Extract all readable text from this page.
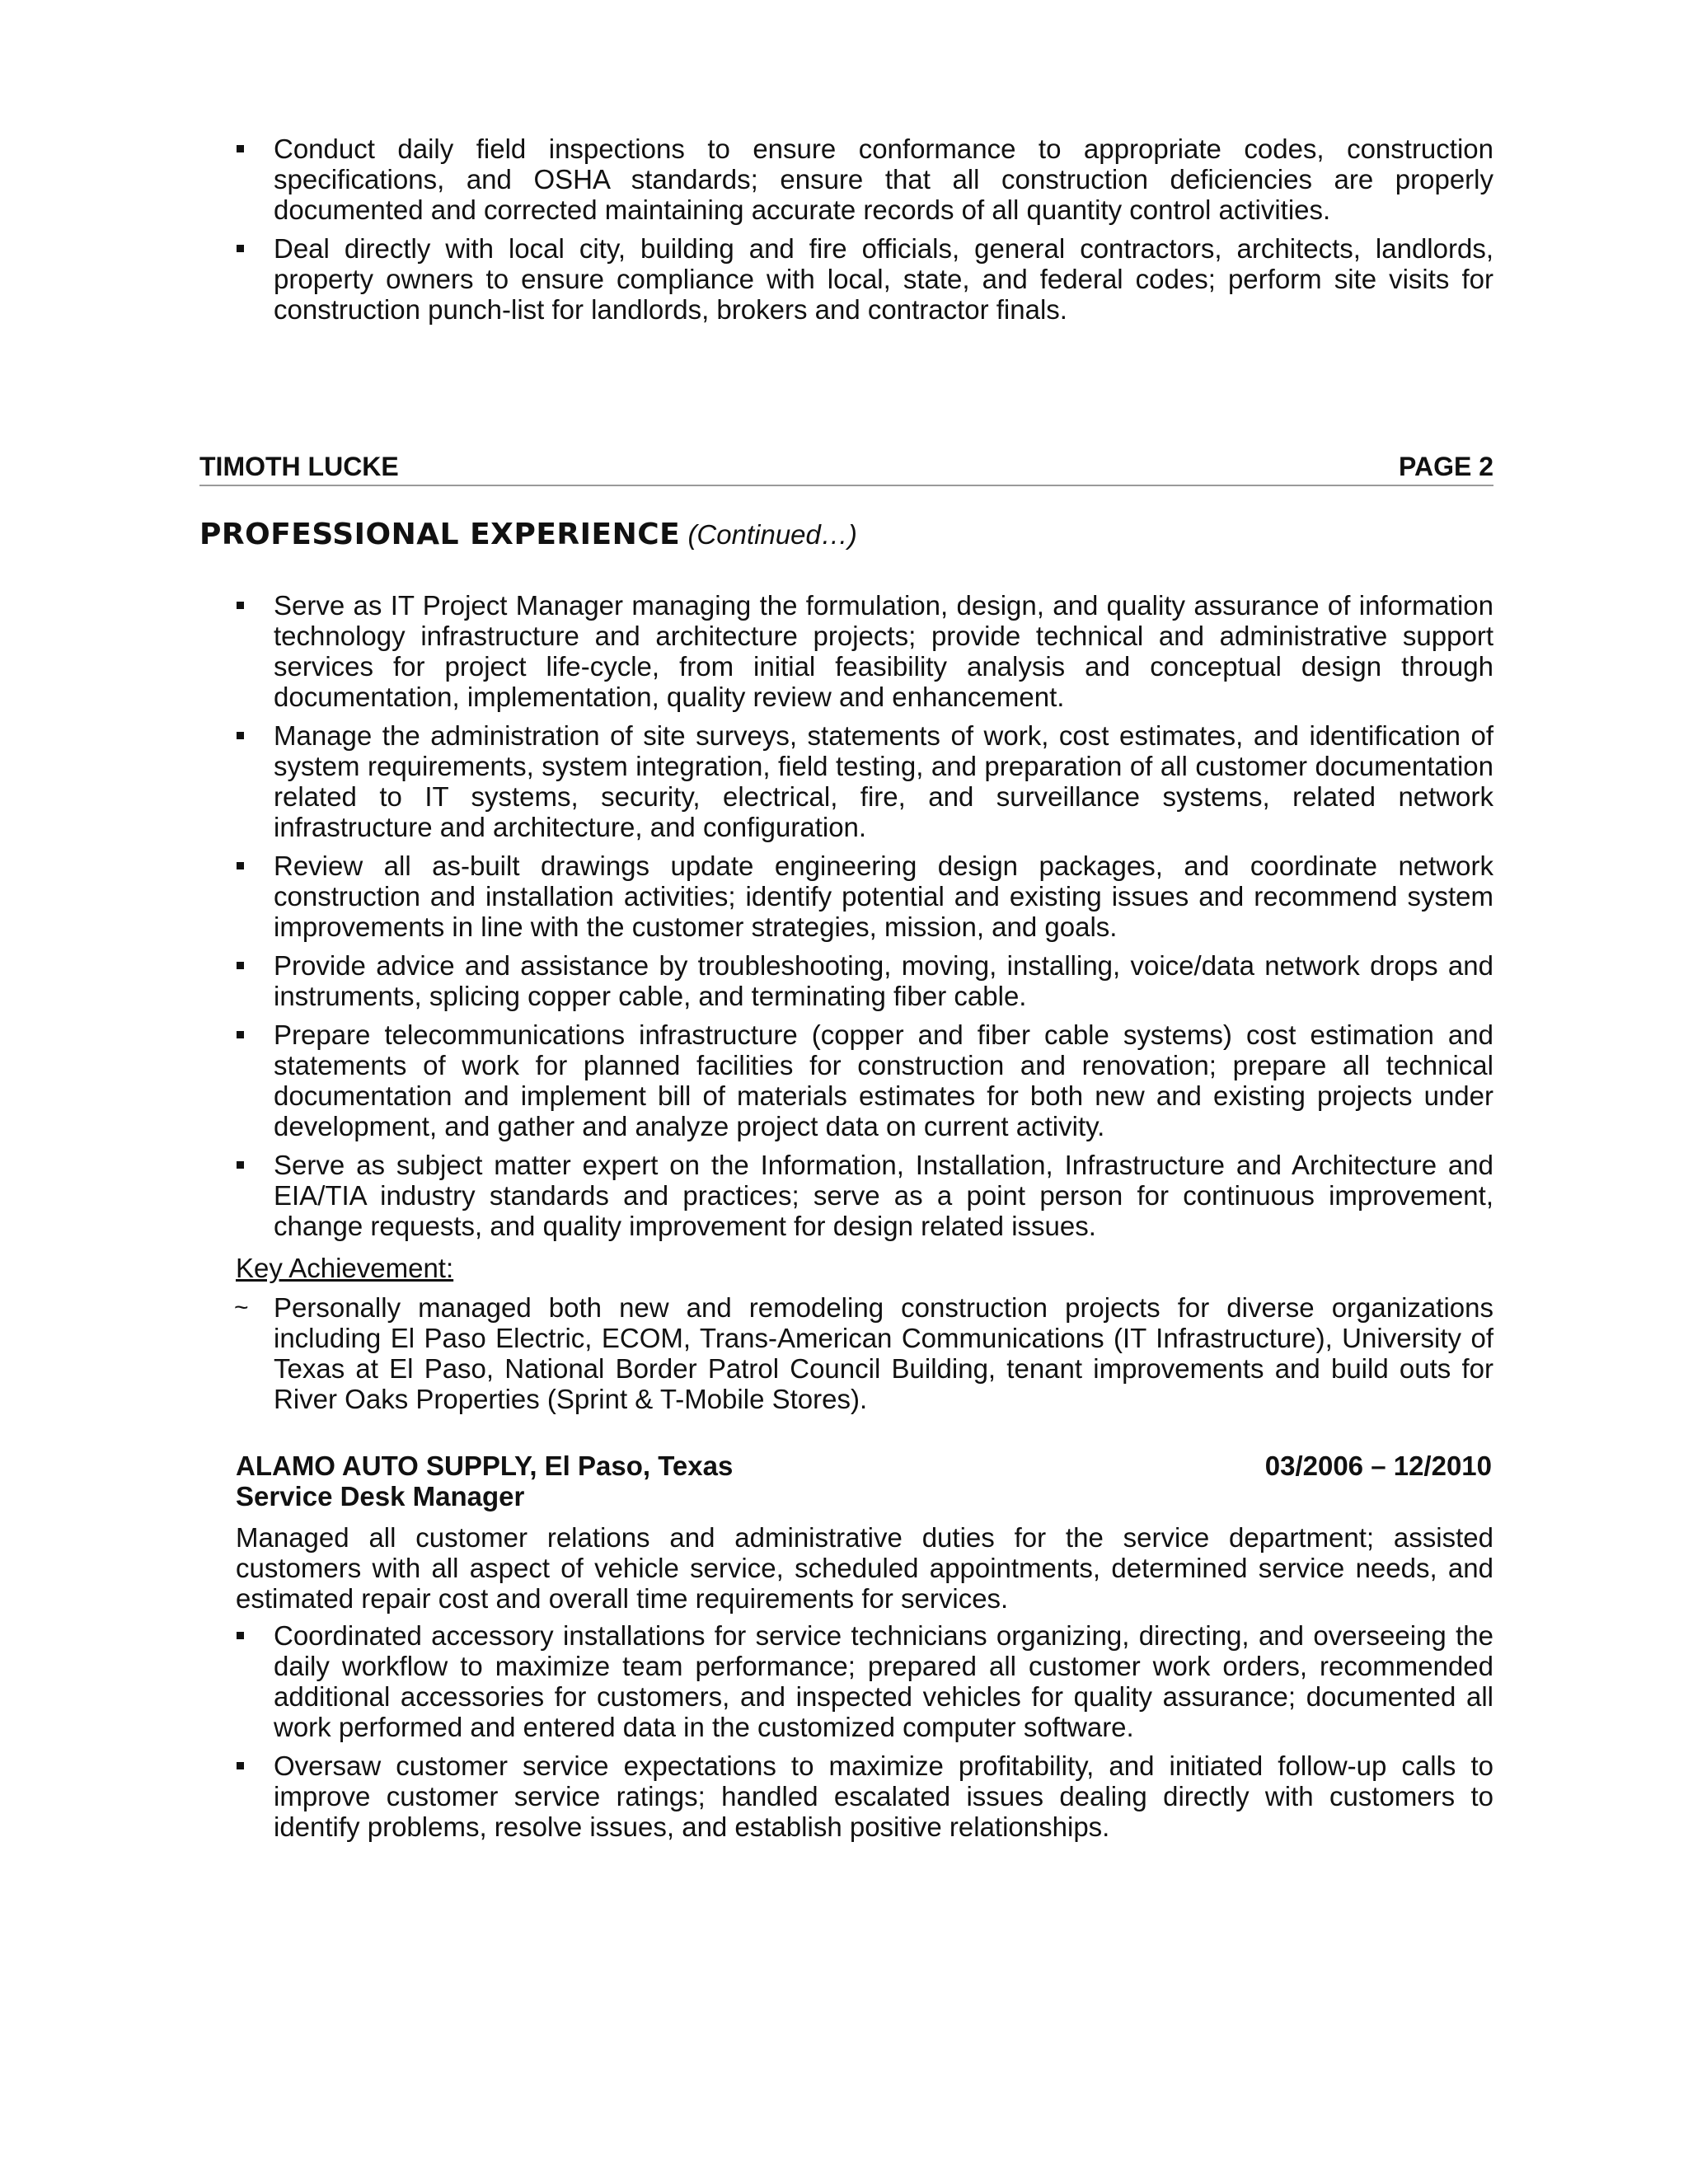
Conduct daily field inspections to ensure conformance to appropriate codes, construction specifications, and OSHA standards; ensure that all construction deficiencies are properly documented and corrected maintaining accurate records of all quantity control activities.
Deal directly with local city, building and fire officials, general contractors, architects, landlords, property owners to ensure compliance with local, state, and federal codes; perform site visits for construction punch-list for landlords, brokers and contractor finals.
TIMOTH LUCKE	PAGE 2
PROFESSIONAL EXPERIENCE (Continued…)
Serve as IT Project Manager managing the formulation, design, and quality assurance of information technology infrastructure and architecture projects; provide technical and administrative support services for project life-cycle, from initial feasibility analysis and conceptual design through documentation, implementation, quality review and enhancement.
Manage the administration of site surveys, statements of work, cost estimates, and identification of system requirements, system integration, field testing, and preparation of all customer documentation related to IT systems, security, electrical, fire, and surveillance systems, related network infrastructure and architecture, and configuration.
Review all as-built drawings update engineering design packages, and coordinate network construction and installation activities; identify potential and existing issues and recommend system improvements in line with the customer strategies, mission, and goals.
Provide advice and assistance by troubleshooting, moving, installing, voice/data network drops and instruments, splicing copper cable, and terminating fiber cable.
Prepare telecommunications infrastructure (copper and fiber cable systems) cost estimation and statements of work for planned facilities for construction and renovation; prepare all technical documentation and implement bill of materials estimates for both new and existing projects under development, and gather and analyze project data on current activity.
Serve as subject matter expert on the Information, Installation, Infrastructure and Architecture and EIA/TIA industry standards and practices; serve as a point person for continuous improvement, change requests, and quality improvement for design related issues.
Key Achievement:
~ Personally managed both new and remodeling construction projects for diverse organizations including El Paso Electric, ECOM, Trans-American Communications (IT Infrastructure), University of Texas at El Paso, National Border Patrol Council Building, tenant improvements and build outs for River Oaks Properties (Sprint & T-Mobile Stores).
ALAMO AUTO SUPPLY, El Paso, Texas	03/2006 – 12/2010
Service Desk Manager
Managed all customer relations and administrative duties for the service department; assisted customers with all aspect of vehicle service, scheduled appointments, determined service needs, and estimated repair cost and overall time requirements for services.
Coordinated accessory installations for service technicians organizing, directing, and overseeing the daily workflow to maximize team performance; prepared all customer work orders, recommended additional accessories for customers, and inspected vehicles for quality assurance; documented all work performed and entered data in the customized computer software.
Oversaw customer service expectations to maximize profitability, and initiated follow-up calls to improve customer service ratings; handled escalated issues dealing directly with customers to identify problems, resolve issues, and establish positive relationships.
